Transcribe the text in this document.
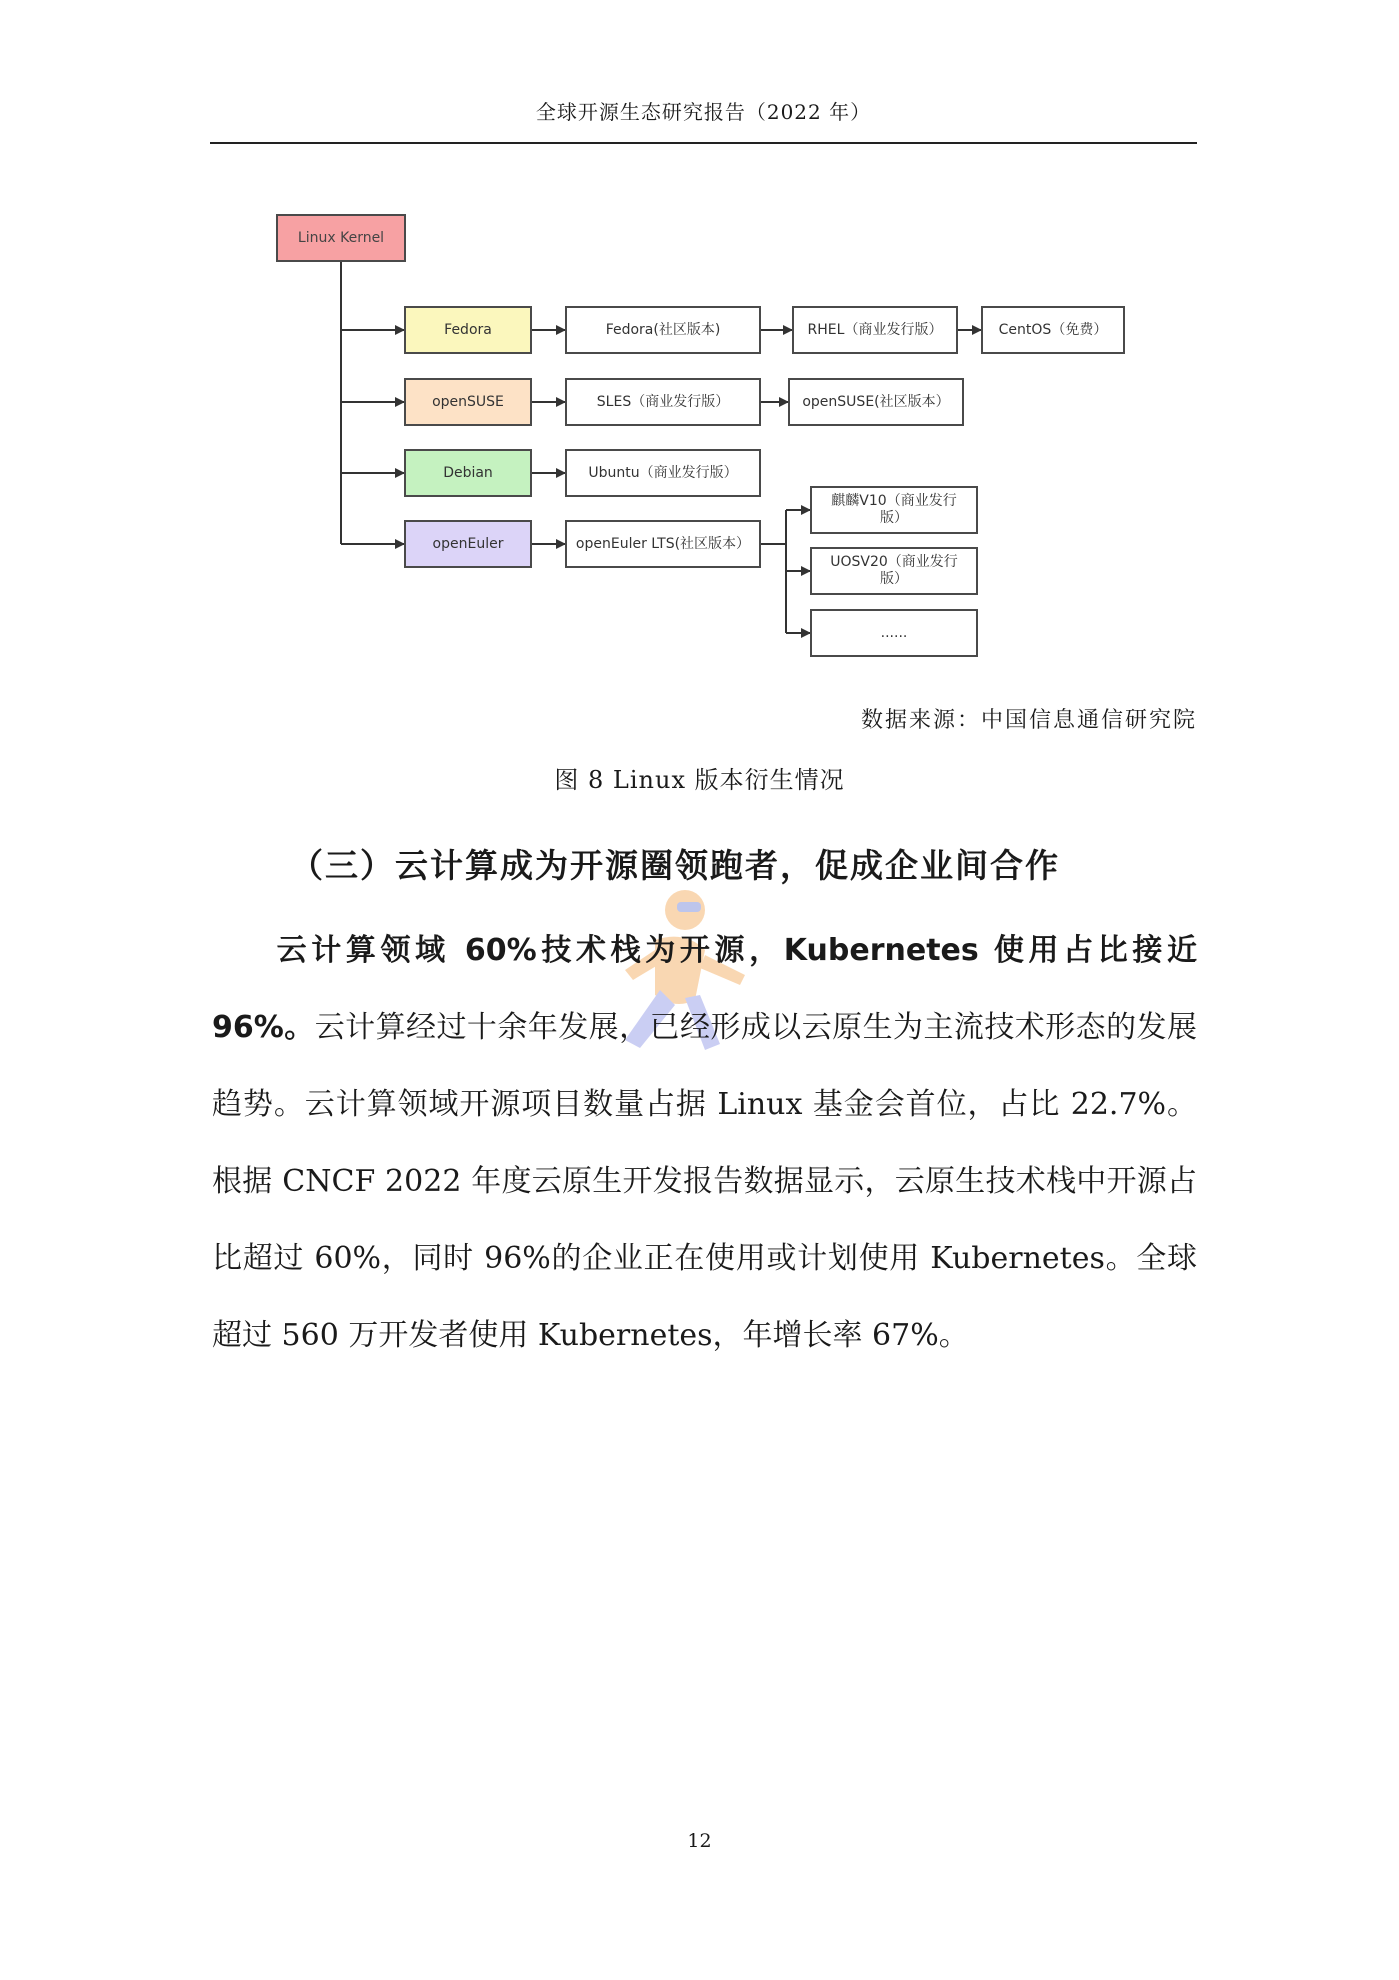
全球开源生态研究报告（2022 年）
Linux Kernel
Fedora
openSUSE
Debian
openEuler
Fedora(社区版本)	RHEL（商业发行版）	CentOS（免费）
SLES（商业发行版）	openSUSE(社区版本）
Ubuntu（商业发行版）
openEuler LTS(社区版本）
麒麟V10（商业发行
版）
UOSV20（商业发行
版）
......
数据来源：中国信息通信研究院
图 8 Linux 版本衍生情况
（三）云计算成为开源圈领跑者，促成企业间合作
云计算领域 60%技术栈为开源，Kubernetes 使用占比接近 96%。云计算经过十余年发展，已经形成以云原生为主流技术形态的发展趋势。云计算领域开源项目数量占据 Linux 基金会首位，占比 22.7%。根据 CNCF 2022 年度云原生开发报告数据显示，云原生技术栈中开源占比超过 60%，同时 96%的企业正在使用或计划使用 Kubernetes。全球超过 560 万开发者使用 Kubernetes，年增长率 67%。
12
